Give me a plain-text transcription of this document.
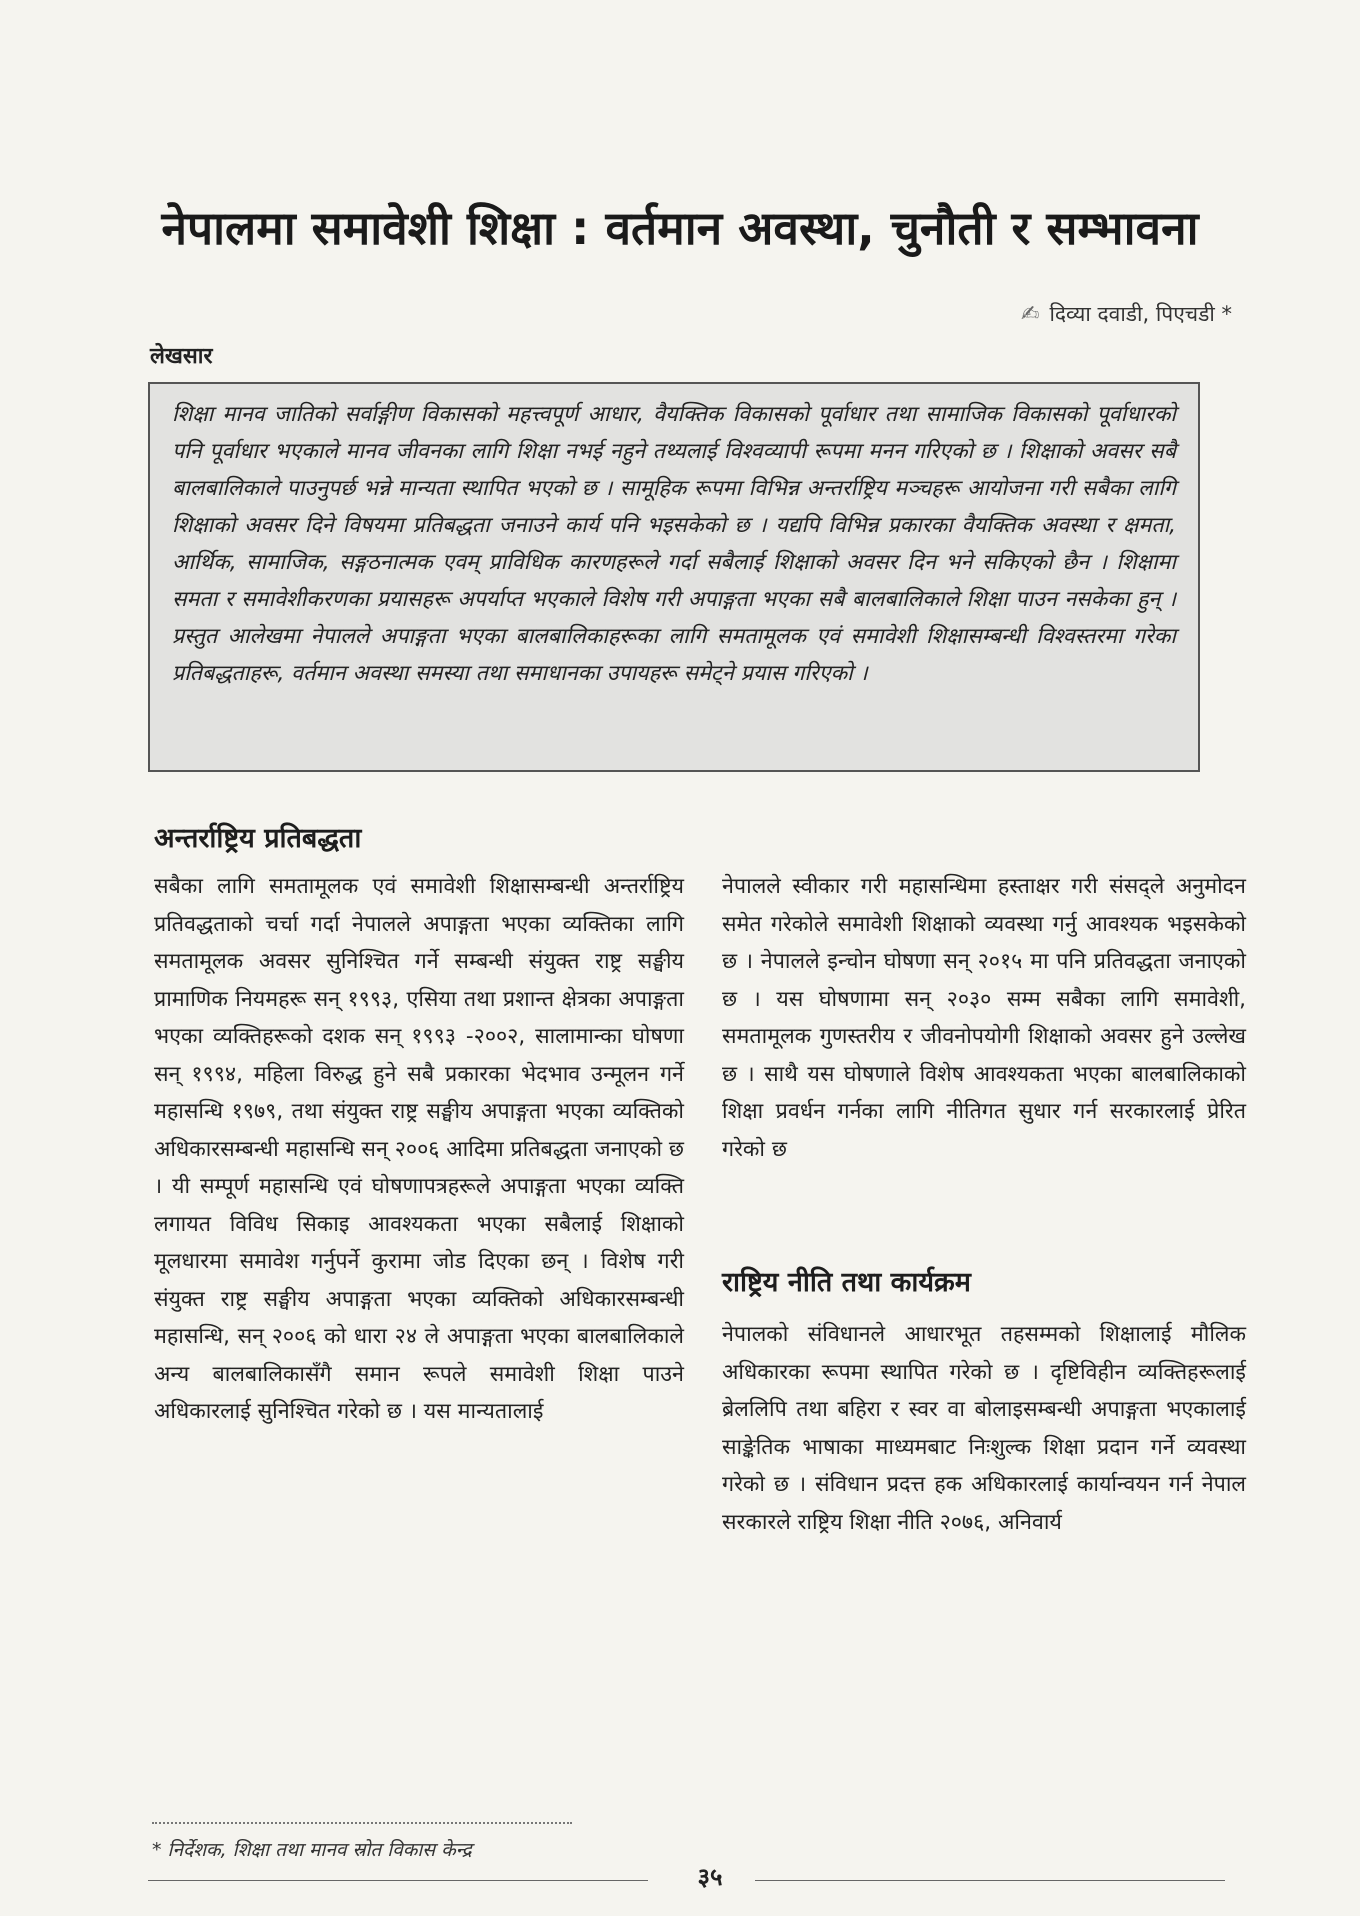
नेपालमा समावेशी शिक्षा : वर्तमान अवस्था, चुनौती र सम्भावना
✍ दिव्या दवाडी, पिएचडी *
लेखसार
शिक्षा मानव जातिको सर्वाङ्गीण विकासको महत्त्वपूर्ण आधार, वैयक्तिक विकासको पूर्वाधार तथा सामाजिक विकासको पूर्वाधारको पनि पूर्वाधार भएकाले मानव जीवनका लागि शिक्षा नभई नहुने तथ्यलाई विश्वव्यापी रूपमा मनन गरिएको छ । शिक्षाको अवसर सबै बालबालिकाले पाउनुपर्छ भन्ने मान्यता स्थापित भएको छ । सामूहिक रूपमा विभिन्न अन्तर्राष्ट्रिय मञ्चहरू आयोजना गरी सबैका लागि शिक्षाको अवसर दिने विषयमा प्रतिबद्धता जनाउने कार्य पनि भइसकेको छ । यद्यपि विभिन्न प्रकारका वैयक्तिक अवस्था र क्षमता, आर्थिक, सामाजिक, सङ्गठनात्मक एवम् प्राविधिक कारणहरूले गर्दा सबैलाई शिक्षाको अवसर दिन भने सकिएको छैन । शिक्षामा समता र समावेशीकरणका प्रयासहरू अपर्याप्त भएकाले विशेष गरी अपाङ्गता भएका सबै बालबालिकाले शिक्षा पाउन नसकेका हुन् । प्रस्तुत आलेखमा नेपालले अपाङ्गता भएका बालबालिकाहरूका लागि समतामूलक एवं समावेशी शिक्षासम्बन्धी विश्वस्तरमा गरेका प्रतिबद्धताहरू, वर्तमान अवस्था समस्या तथा समाधानका उपायहरू समेट्ने प्रयास गरिएको ।
अन्तर्राष्ट्रिय प्रतिबद्धता

सबैका लागि समतामूलक एवं समावेशी शिक्षासम्बन्धी अन्तर्राष्ट्रिय प्रतिवद्धताको चर्चा गर्दा नेपालले अपाङ्गता भएका व्यक्तिका लागि समतामूलक अवसर सुनिश्चित गर्ने सम्बन्धी संयुक्त राष्ट्र सङ्घीय प्रामाणिक नियमहरू सन् १९९३, एसिया तथा प्रशान्त क्षेत्रका अपाङ्गता भएका व्यक्तिहरूको दशक सन् १९९३ -२००२, सालामान्का घोषणा सन् १९९४, महिला विरुद्ध हुने सबै प्रकारका भेदभाव उन्मूलन गर्ने महासन्धि १९७९, तथा संयुक्त राष्ट्र सङ्घीय अपाङ्गता भएका व्यक्तिको अधिकारसम्बन्धी महासन्धि सन् २००६ आदिमा प्रतिबद्धता जनाएको छ । यी सम्पूर्ण महासन्धि एवं घोषणापत्रहरूले अपाङ्गता भएका व्यक्ति लगायत विविध सिकाइ आवश्यकता भएका सबैलाई शिक्षाको मूलधारमा समावेश गर्नुपर्ने कुरामा जोड दिएका छन् । विशेष गरी संयुक्त राष्ट्र सङ्घीय अपाङ्गता भएका व्यक्तिको अधिकारसम्बन्धी महासन्धि, सन् २००६ को धारा २४ ले अपाङ्गता भएका बालबालिकाले अन्य बालबालिकासँगै समान रूपले समावेशी शिक्षा पाउने अधिकारलाई सुनिश्चित गरेको छ । यस मान्यतालाई

नेपालले स्वीकार गरी महासन्धिमा हस्ताक्षर गरी संसद्ले अनुमोदन समेत गरेकोले समावेशी शिक्षाको व्यवस्था गर्नु आवश्यक भइसकेको छ । नेपालले इन्चोन घोषणा सन् २०१५ मा पनि प्रतिवद्धता जनाएको छ । यस घोषणामा सन् २०३० सम्म सबैका लागि समावेशी, समतामूलक गुणस्तरीय र जीवनोपयोगी शिक्षाको अवसर हुने उल्लेख छ । साथै यस घोषणाले विशेष आवश्यकता भएका बालबालिकाको शिक्षा प्रवर्धन गर्नका लागि नीतिगत सुधार गर्न सरकारलाई प्रेरित गरेको छ

राष्ट्रिय नीति तथा कार्यक्रम

नेपालको संविधानले आधारभूत तहसम्मको शिक्षालाई मौलिक अधिकारका रूपमा स्थापित गरेको छ । दृष्टिविहीन व्यक्तिहरूलाई ब्रेललिपि तथा बहिरा र स्वर वा बोलाइसम्बन्धी अपाङ्गता भएकालाई साङ्केतिक भाषाका माध्यमबाट निःशुल्क शिक्षा प्रदान गर्ने व्यवस्था गरेको छ । संविधान प्रदत्त हक अधिकारलाई कार्यान्वयन गर्न नेपाल सरकारले राष्ट्रिय शिक्षा नीति २०७६, अनिवार्य

* निर्देशक, शिक्षा तथा मानव स्रोत विकास केन्द्र
३५
